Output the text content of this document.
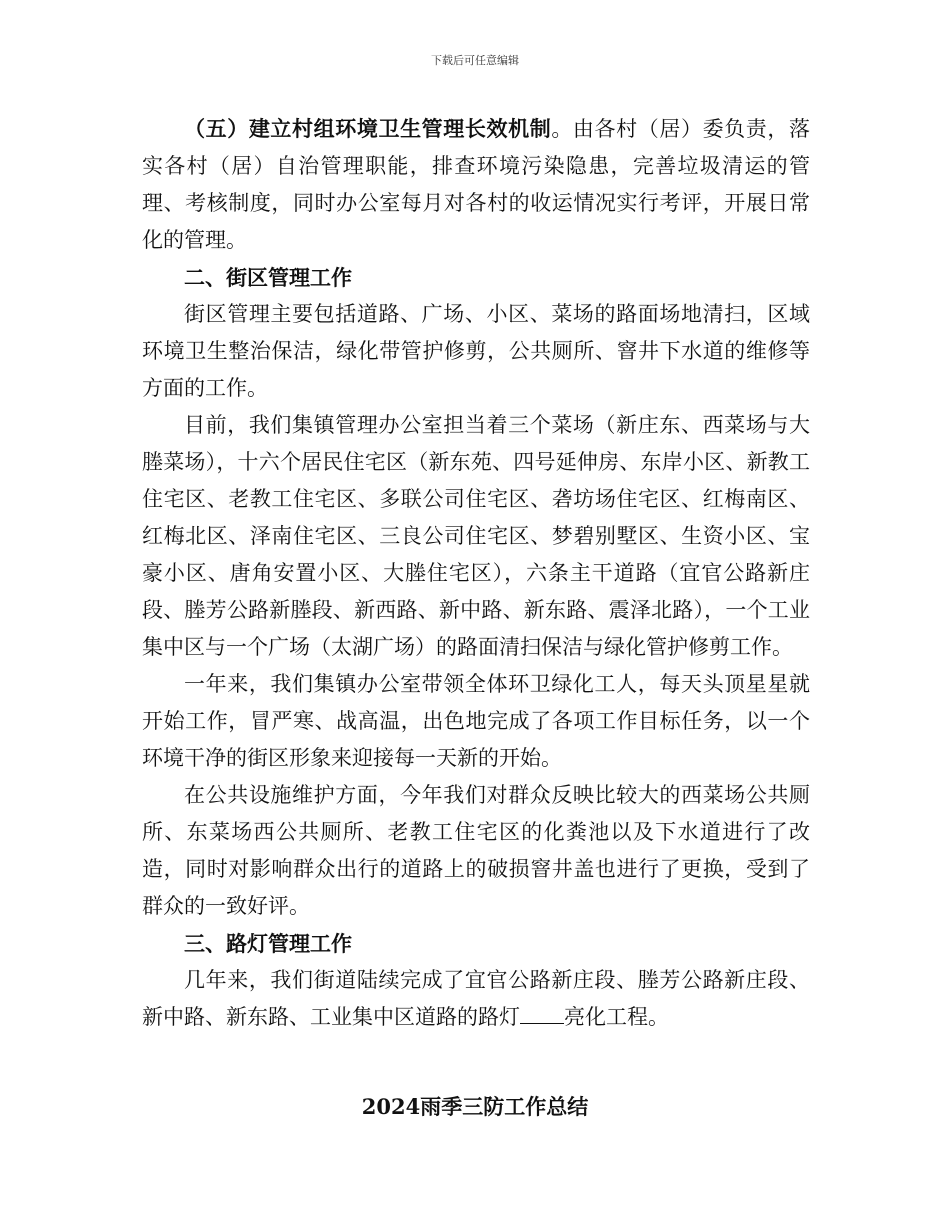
下载后可任意编辑

（五）建立村组环境卫生管理长效机制。由各村（居）委负责，落实各村（居）自治管理职能，排查环境污染隐患，完善垃圾清运的管理、考核制度，同时办公室每月对各村的收运情况实行考评，开展日常化的管理。

二、街区管理工作

街区管理主要包括道路、广场、小区、菜场的路面场地清扫，区域环境卫生整治保洁，绿化带管护修剪，公共厕所、窨井下水道的维修等方面的工作。

目前，我们集镇管理办公室担当着三个菜场（新庄东、西菜场与大塍菜场），十六个居民住宅区（新东苑、四号延伸房、东岸小区、新教工住宅区、老教工住宅区、多联公司住宅区、砻坊场住宅区、红梅南区、红梅北区、泽南住宅区、三良公司住宅区、梦碧别墅区、生资小区、宝豪小区、唐角安置小区、大塍住宅区），六条主干道路（宜官公路新庄段、塍芳公路新塍段、新西路、新中路、新东路、震泽北路），一个工业集中区与一个广场（太湖广场）的路面清扫保洁与绿化管护修剪工作。

一年来，我们集镇办公室带领全体环卫绿化工人，每天头顶星星就开始工作，冒严寒、战高温，出色地完成了各项工作目标任务，以一个环境干净的街区形象来迎接每一天新的开始。

在公共设施维护方面，今年我们对群众反映比较大的西菜场公共厕所、东菜场西公共厕所、老教工住宅区的化粪池以及下水道进行了改造，同时对影响群众出行的道路上的破损窨井盖也进行了更换，受到了群众的一致好评。

三、路灯管理工作

几年来，我们街道陆续完成了宜官公路新庄段、塍芳公路新庄段、新中路、新东路、工业集中区道路的路灯 亮化工程。

2024雨季三防工作总结
